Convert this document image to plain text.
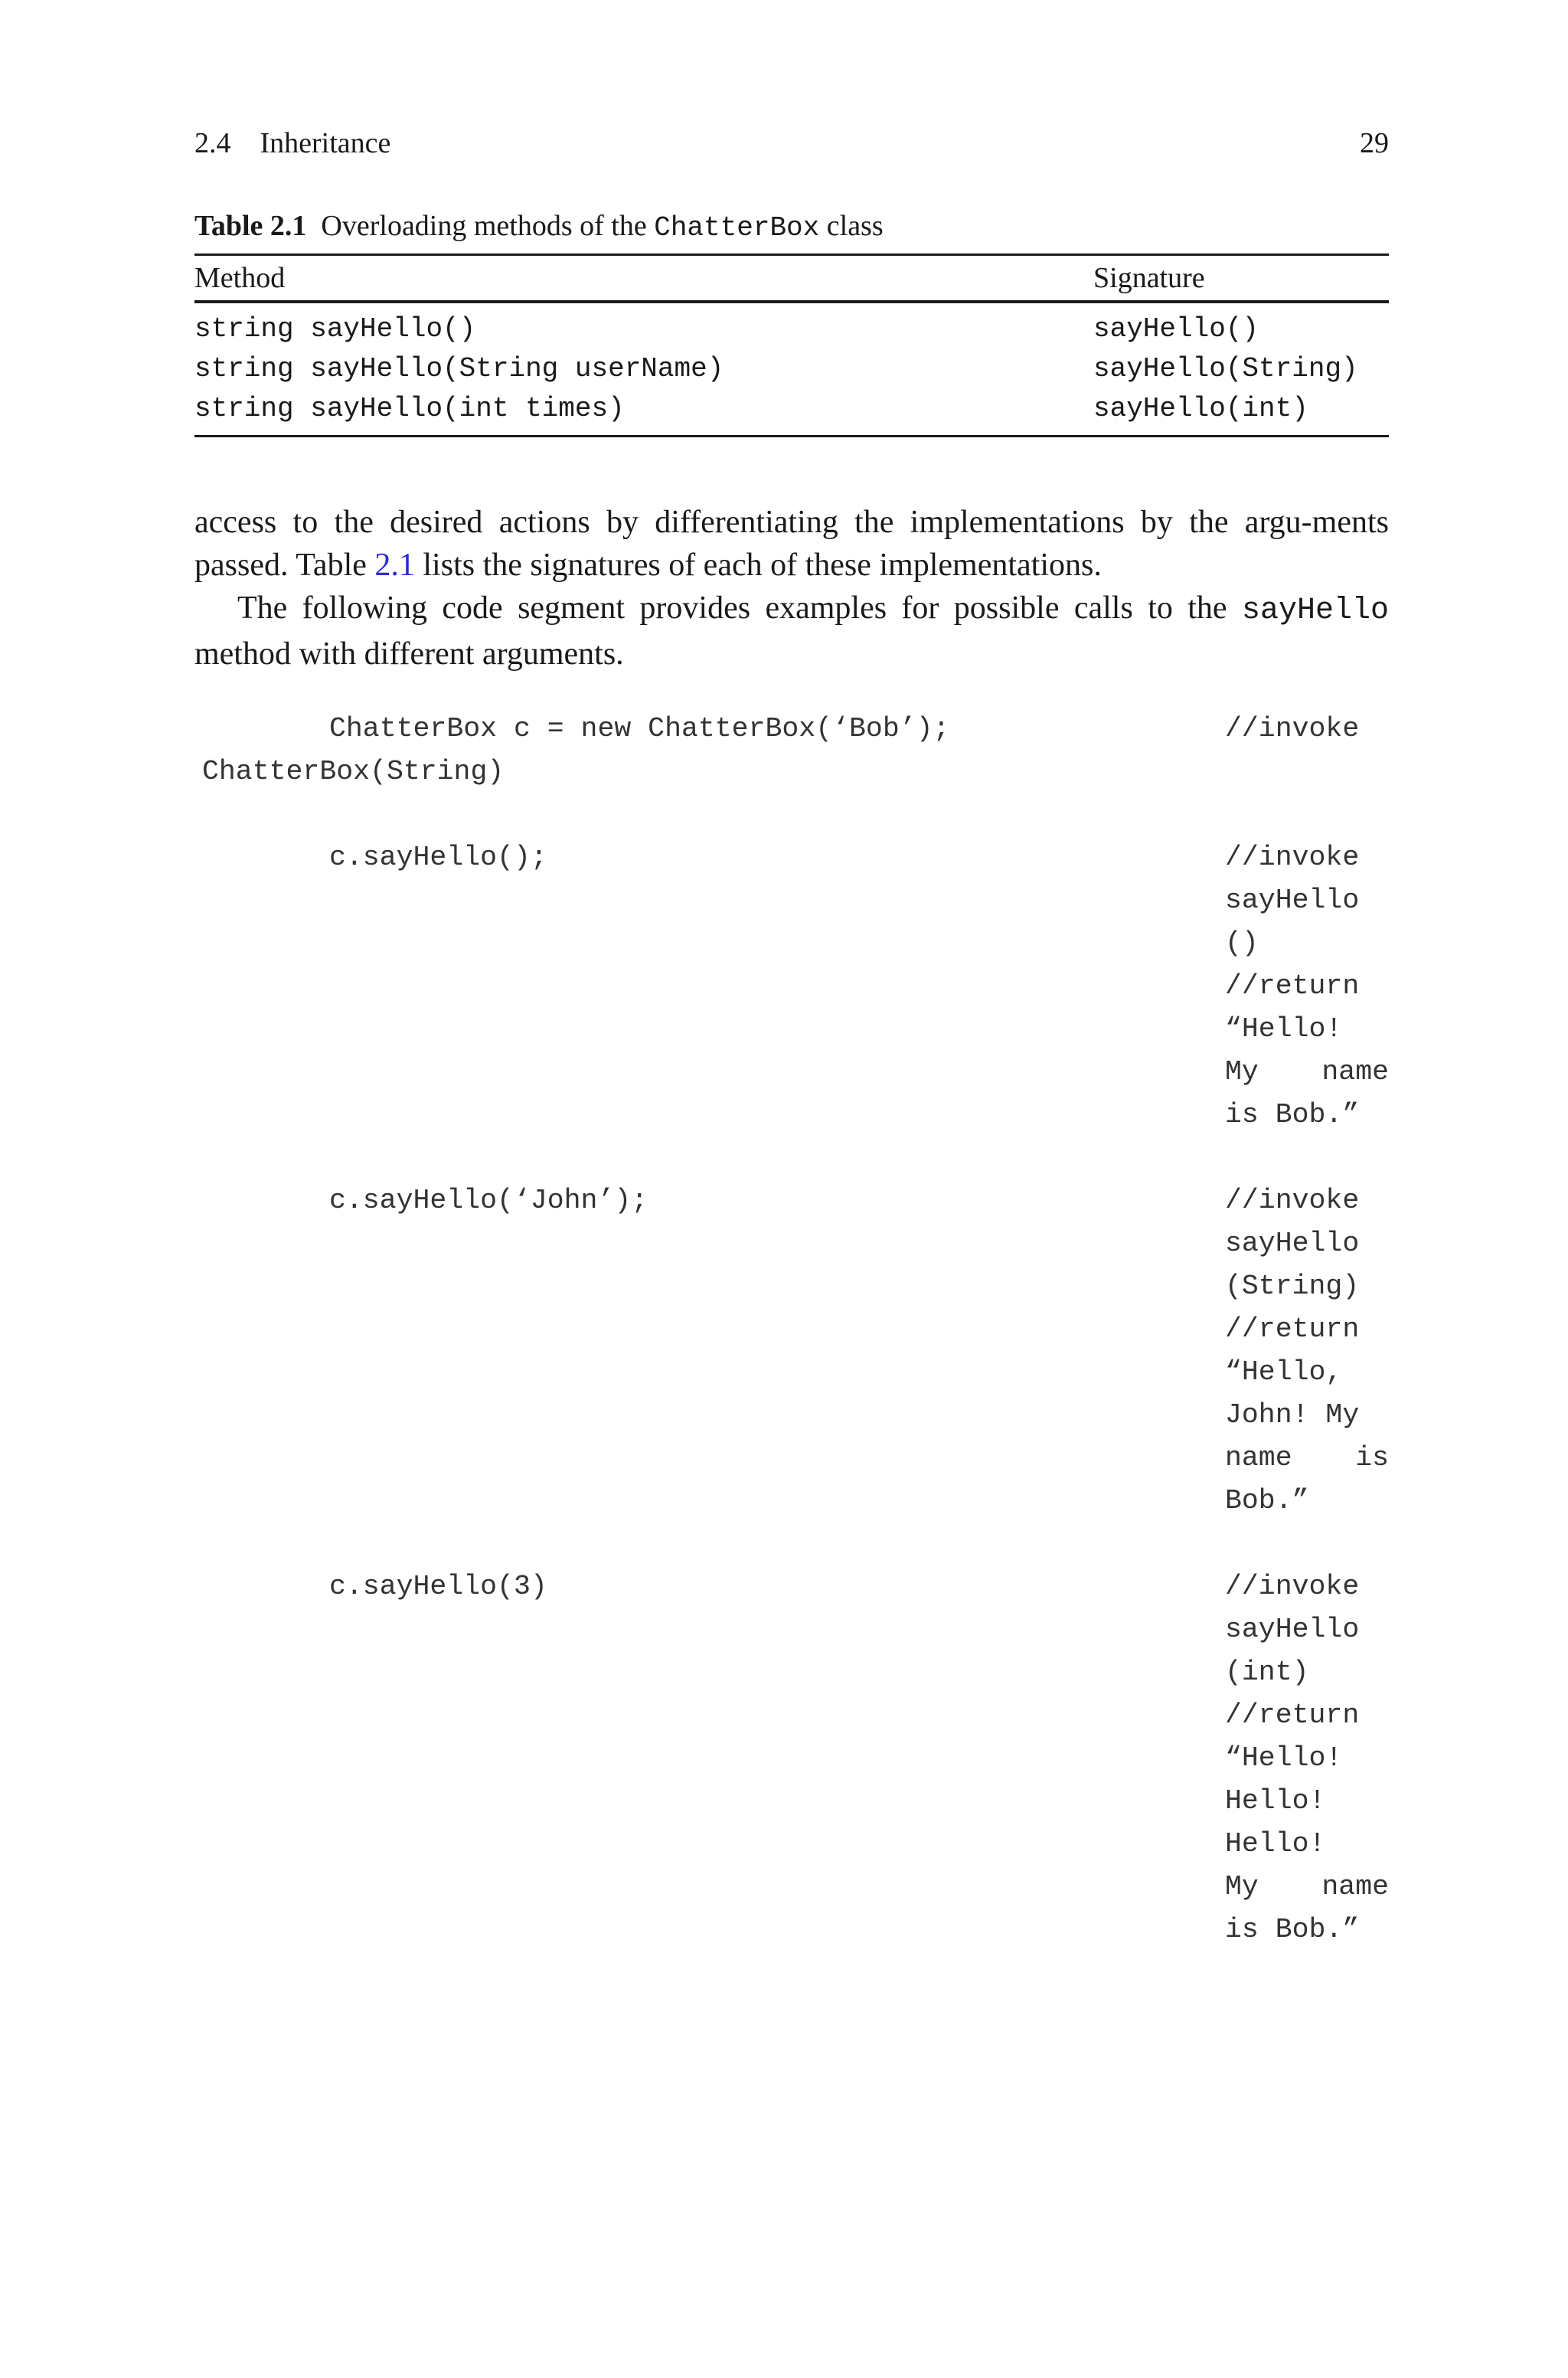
2.4 Inheritance	29
Table 2.1 Overloading methods of the ChatterBox class
Method	Signature
string sayHello()	sayHello()
string sayHello(String userName)	sayHello(String)
string sayHello(int times)	sayHello(int)

access to the desired actions by differentiating the implementations by the argu-ments passed. Table 2.1 lists the signatures of each of these implementations.

The following code segment provides examples for possible calls to the sayHello method with different arguments.

ChatterBox c = new ChatterBox(‘Bob’);	//invoke
ChatterBox(String)
c.sayHello();	//invoke
sayHello
()
//return
“Hello!
My name
is Bob.”
c.sayHello(‘John’);	//invoke
sayHello
(String)
//return
“Hello,
John! My
name is
Bob.”
c.sayHello(3)	//invoke
sayHello
(int)
//return
“Hello!
Hello!
Hello!
My name
is Bob.”
